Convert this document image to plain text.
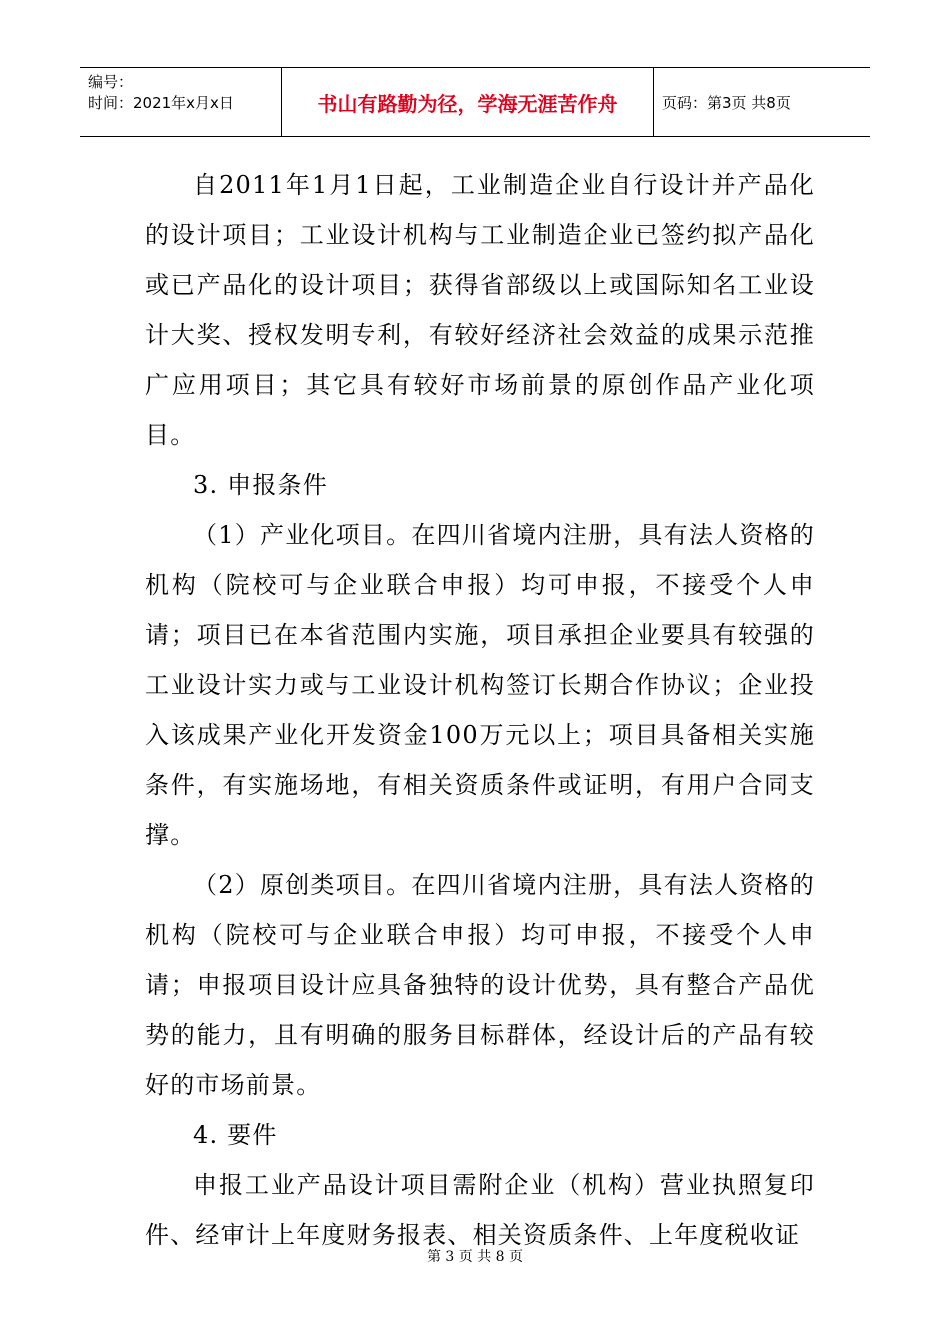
编号：
时间：2021年x月x日	书山有路勤为径，学海无涯苦作舟	页码：第3页 共8页

自2011年1月1日起，工业制造企业自行设计并产品化的设计项目；工业设计机构与工业制造企业已签约拟产品化或已产品化的设计项目；获得省部级以上或国际知名工业设计大奖、授权发明专利，有较好经济社会效益的成果示范推广应用项目；其它具有较好市场前景的原创作品产业化项目。

3. 申报条件

（1）产业化项目。在四川省境内注册，具有法人资格的机构（院校可与企业联合申报）均可申报，不接受个人申请；项目已在本省范围内实施，项目承担企业要具有较强的工业设计实力或与工业设计机构签订长期合作协议；企业投入该成果产业化开发资金100万元以上；项目具备相关实施条件，有实施场地，有相关资质条件或证明，有用户合同支撑。

（2）原创类项目。在四川省境内注册，具有法人资格的机构（院校可与企业联合申报）均可申报，不接受个人申请；申报项目设计应具备独特的设计优势，具有整合产品优势的能力，且有明确的服务目标群体，经设计后的产品有较好的市场前景。

4. 要件

申报工业产品设计项目需附企业（机构）营业执照复印件、经审计上年度财务报表、相关资质条件、上年度税收证

第 3 页 共 8 页
